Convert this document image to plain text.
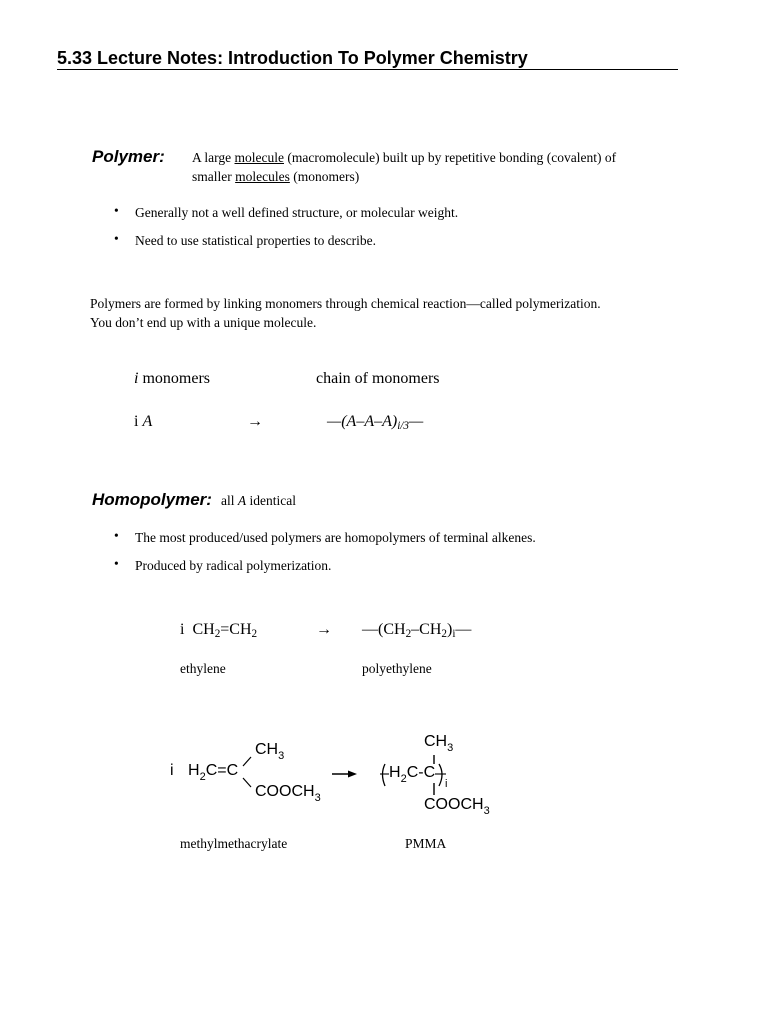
5.33 Lecture Notes: Introduction To Polymer Chemistry
Polymer: A large molecule (macromolecule) built up by repetitive bonding (covalent) of
smaller molecules (monomers)
• Generally not a well defined structure, or molecular weight.
• Need to use statistical properties to describe.
Polymers are formed by linking monomers through chemical reaction—called polymerization.
You don’t end up with a unique molecule.
i monomers	chain of monomers
i A	→	$—(A-A-A)_{i/3}—$
Homopolymer: all A identical
• The most produced/used polymers are homopolymers of terminal alkenes.
• Produced by radical polymerization.
i $CH_2=CH_2$	→ $—(CH_2-CH_2)_i—$
ethylene	polyethylene
i $H_2C=C$
$CH_3$
$COOCH_3$
$CH_3$
$H_2C-C$
i
$COOCH_3$
methylmethacrylate	PMMA
